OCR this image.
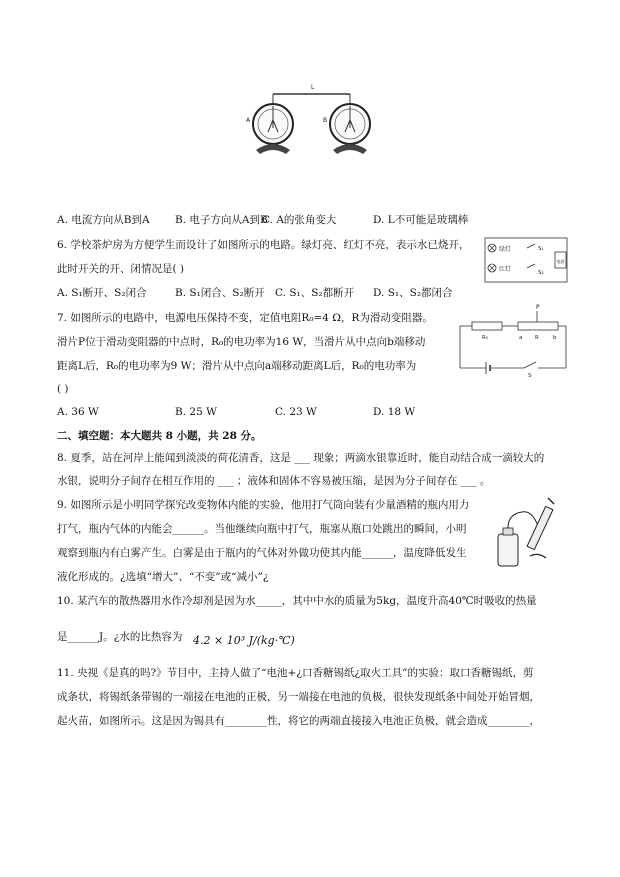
L
A	B
A. 电流方向从B到A B. 电子方向从A到B
C. A的张角变大	D. L不可能是玻璃棒
6. 学校茶炉房为方便学生而设计了如图所示的电路。绿灯亮、红灯不亮，表示水已烧开，
此时开关的开、闭情况是( )
A. S₁断开、S₂闭合	B. S₁闭合、S₂断开 C. S₁、S₂都断开 D. S₁、S₂都闭合
绿灯
红灯
S₁
S₂
电源
7. 如图所示的电路中，电源电压保持不变，定值电阻R₀=4 Ω，R为滑动变阻器。
滑片P位于滑动变阻器的中点时，R₀的电功率为16 W，当滑片从中点向b端移动
距离L后，R₀的电功率为9 W；滑片从中点向a端移动距离L后，R₀的电功率为
( )
A. 36 W	B. 25 W	C. 23 W	D. 18 W
P
R₀	a R	b
S
二、填空题：本大题共 8 小题，共 28 分。
8. 夏季，站在河岸上能闻到淡淡的荷花清香，这是 ___ 现象；两滴水银靠近时，能自动结合成一滴较大的
水银，说明分子间存在相互作用的 ___ ；液体和固体不容易被压缩，是因为分子间存在 ___ 。
9. 如图所示是小明同学探究改变物体内能的实验，他用打气筒向装有少量酒精的瓶内用力
打气，瓶内气体的内能会______。当他继续向瓶中打气，瓶塞从瓶口处跳出的瞬间，小明
观察到瓶内有白雾产生。白雾是由于瓶内的气体对外做功使其内能______，温度降低发生
液化形成的。¿选填“增大”、“不变”或“减小”¿
10. 某汽车的散热器用水作冷却剂是因为水_____，其中中水的质量为5kg，温度升高40℃时吸收的热量
是______J。¿水的比热容为 4.2 × 10³ J/(kg·℃)
11. 央视《是真的吗?》节目中，主持人做了“电池+¿口香糖锡纸¿取火工具”的实验：取口香糖锡纸，剪
成条状，将锡纸条带锡的一端接在电池的正极，另一端接在电池的负极，很快发现纸条中间处开始冒烟，
起火苗，如图所示。这是因为锡具有________性，将它的两端直接接入电池正负极，就会造成________，
